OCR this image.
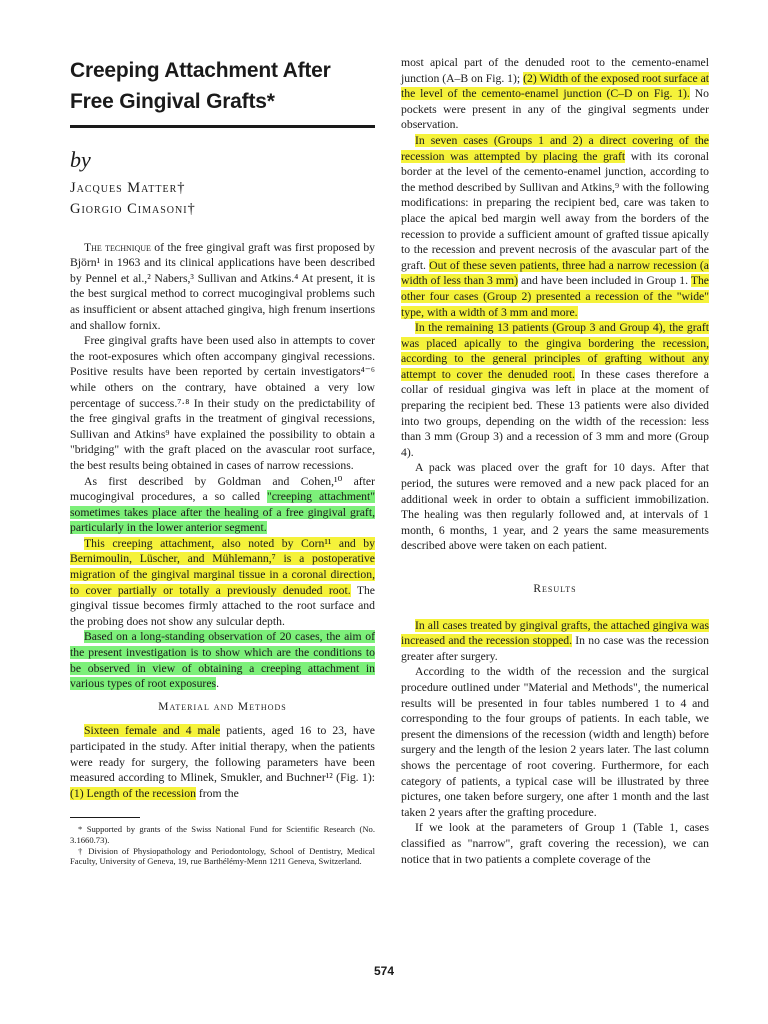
Creeping Attachment After Free Gingival Grafts*
by
Jacques Matter†
Giorgio Cimasoni†

The technique of the free gingival graft was first proposed by Björn¹ in 1963 and its clinical applications have been described by Pennel et al.,² Nabers,³ Sullivan and Atkins.⁴ At present, it is the best surgical method to correct mucogingival problems such as insufficient or absent attached gingiva, high frenum insertions and shallow fornix.

Free gingival grafts have been used also in attempts to cover the root-exposures which often accompany gingival recessions. Positive results have been reported by certain investigators⁴⁻⁶ while others on the contrary, have obtained a very low percentage of success.⁷·⁸ In their study on the predictability of the free gingival grafts in the treatment of gingival recessions, Sullivan and Atkins⁹ have explained the possibility to obtain a "bridging" with the graft placed on the avascular root surface, the best results being obtained in cases of narrow recessions.

As first described by Goldman and Cohen,¹⁰ after mucogingival procedures, a so called "creeping attachment" sometimes takes place after the healing of a free gingival graft, particularly in the lower anterior segment.

This creeping attachment, also noted by Corn¹¹ and by Bernimoulin, Lüscher, and Mühlemann,⁷ is a postoperative migration of the gingival marginal tissue in a coronal direction, to cover partially or totally a previously denuded root. The gingival tissue becomes firmly attached to the root surface and the probing does not show any sulcular depth.

Based on a long-standing observation of 20 cases, the aim of the present investigation is to show which are the conditions to be observed in view of obtaining a creeping attachment in various types of root exposures.

Material and Methods

Sixteen female and 4 male patients, aged 16 to 23, have participated in the study. After initial therapy, when the patients were ready for surgery, the following parameters have been measured according to Mlinek, Smukler, and Buchner¹² (Fig. 1): (1) Length of the recession from the

* Supported by grants of the Swiss National Fund for Scientific Research (No. 3.1660.73).

† Division of Physiopathology and Periodontology, School of Dentistry, Medical Faculty, University of Geneva, 19, rue Barthélémy-Menn 1211 Geneva, Switzerland.

most apical part of the denuded root to the cemento-enamel junction (A–B on Fig. 1); (2) Width of the exposed root surface at the level of the cemento-enamel junction (C–D on Fig. 1). No pockets were present in any of the gingival segments under observation.

In seven cases (Groups 1 and 2) a direct covering of the recession was attempted by placing the graft with its coronal border at the level of the cemento-enamel junction, according to the method described by Sullivan and Atkins,⁹ with the following modifications: in preparing the recipient bed, care was taken to place the apical bed margin well away from the borders of the recession to provide a sufficient amount of grafted tissue apically to the recession and prevent necrosis of the avascular part of the graft. Out of these seven patients, three had a narrow recession (a width of less than 3 mm) and have been included in Group 1. The other four cases (Group 2) presented a recession of the "wide" type, with a width of 3 mm and more.

In the remaining 13 patients (Group 3 and Group 4), the graft was placed apically to the gingiva bordering the recession, according to the general principles of grafting without any attempt to cover the denuded root. In these cases therefore a collar of residual gingiva was left in place at the moment of preparing the recipient bed. These 13 patients were also divided into two groups, depending on the width of the recession: less than 3 mm (Group 3) and a recession of 3 mm and more (Group 4).

A pack was placed over the graft for 10 days. After that period, the sutures were removed and a new pack placed for an additional week in order to obtain a sufficient immobilization. The healing was then regularly followed and, at intervals of 1 month, 6 months, 1 year, and 2 years the same measurements described above were taken on each patient.

Results

In all cases treated by gingival grafts, the attached gingiva was increased and the recession stopped. In no case was the recession greater after surgery.

According to the width of the recession and the surgical procedure outlined under "Material and Methods", the numerical results will be presented in four tables numbered 1 to 4 and corresponding to the four groups of patients. In each table, we present the dimensions of the recession (width and length) before surgery and the length of the lesion 2 years later. The last column shows the percentage of root covering. Furthermore, for each category of patients, a typical case will be illustrated by three pictures, one taken before surgery, one after 1 month and the last taken 2 years after the grafting procedure.

If we look at the parameters of Group 1 (Table 1, cases classified as "narrow", graft covering the recession), we can notice that in two patients a complete coverage of the

574
